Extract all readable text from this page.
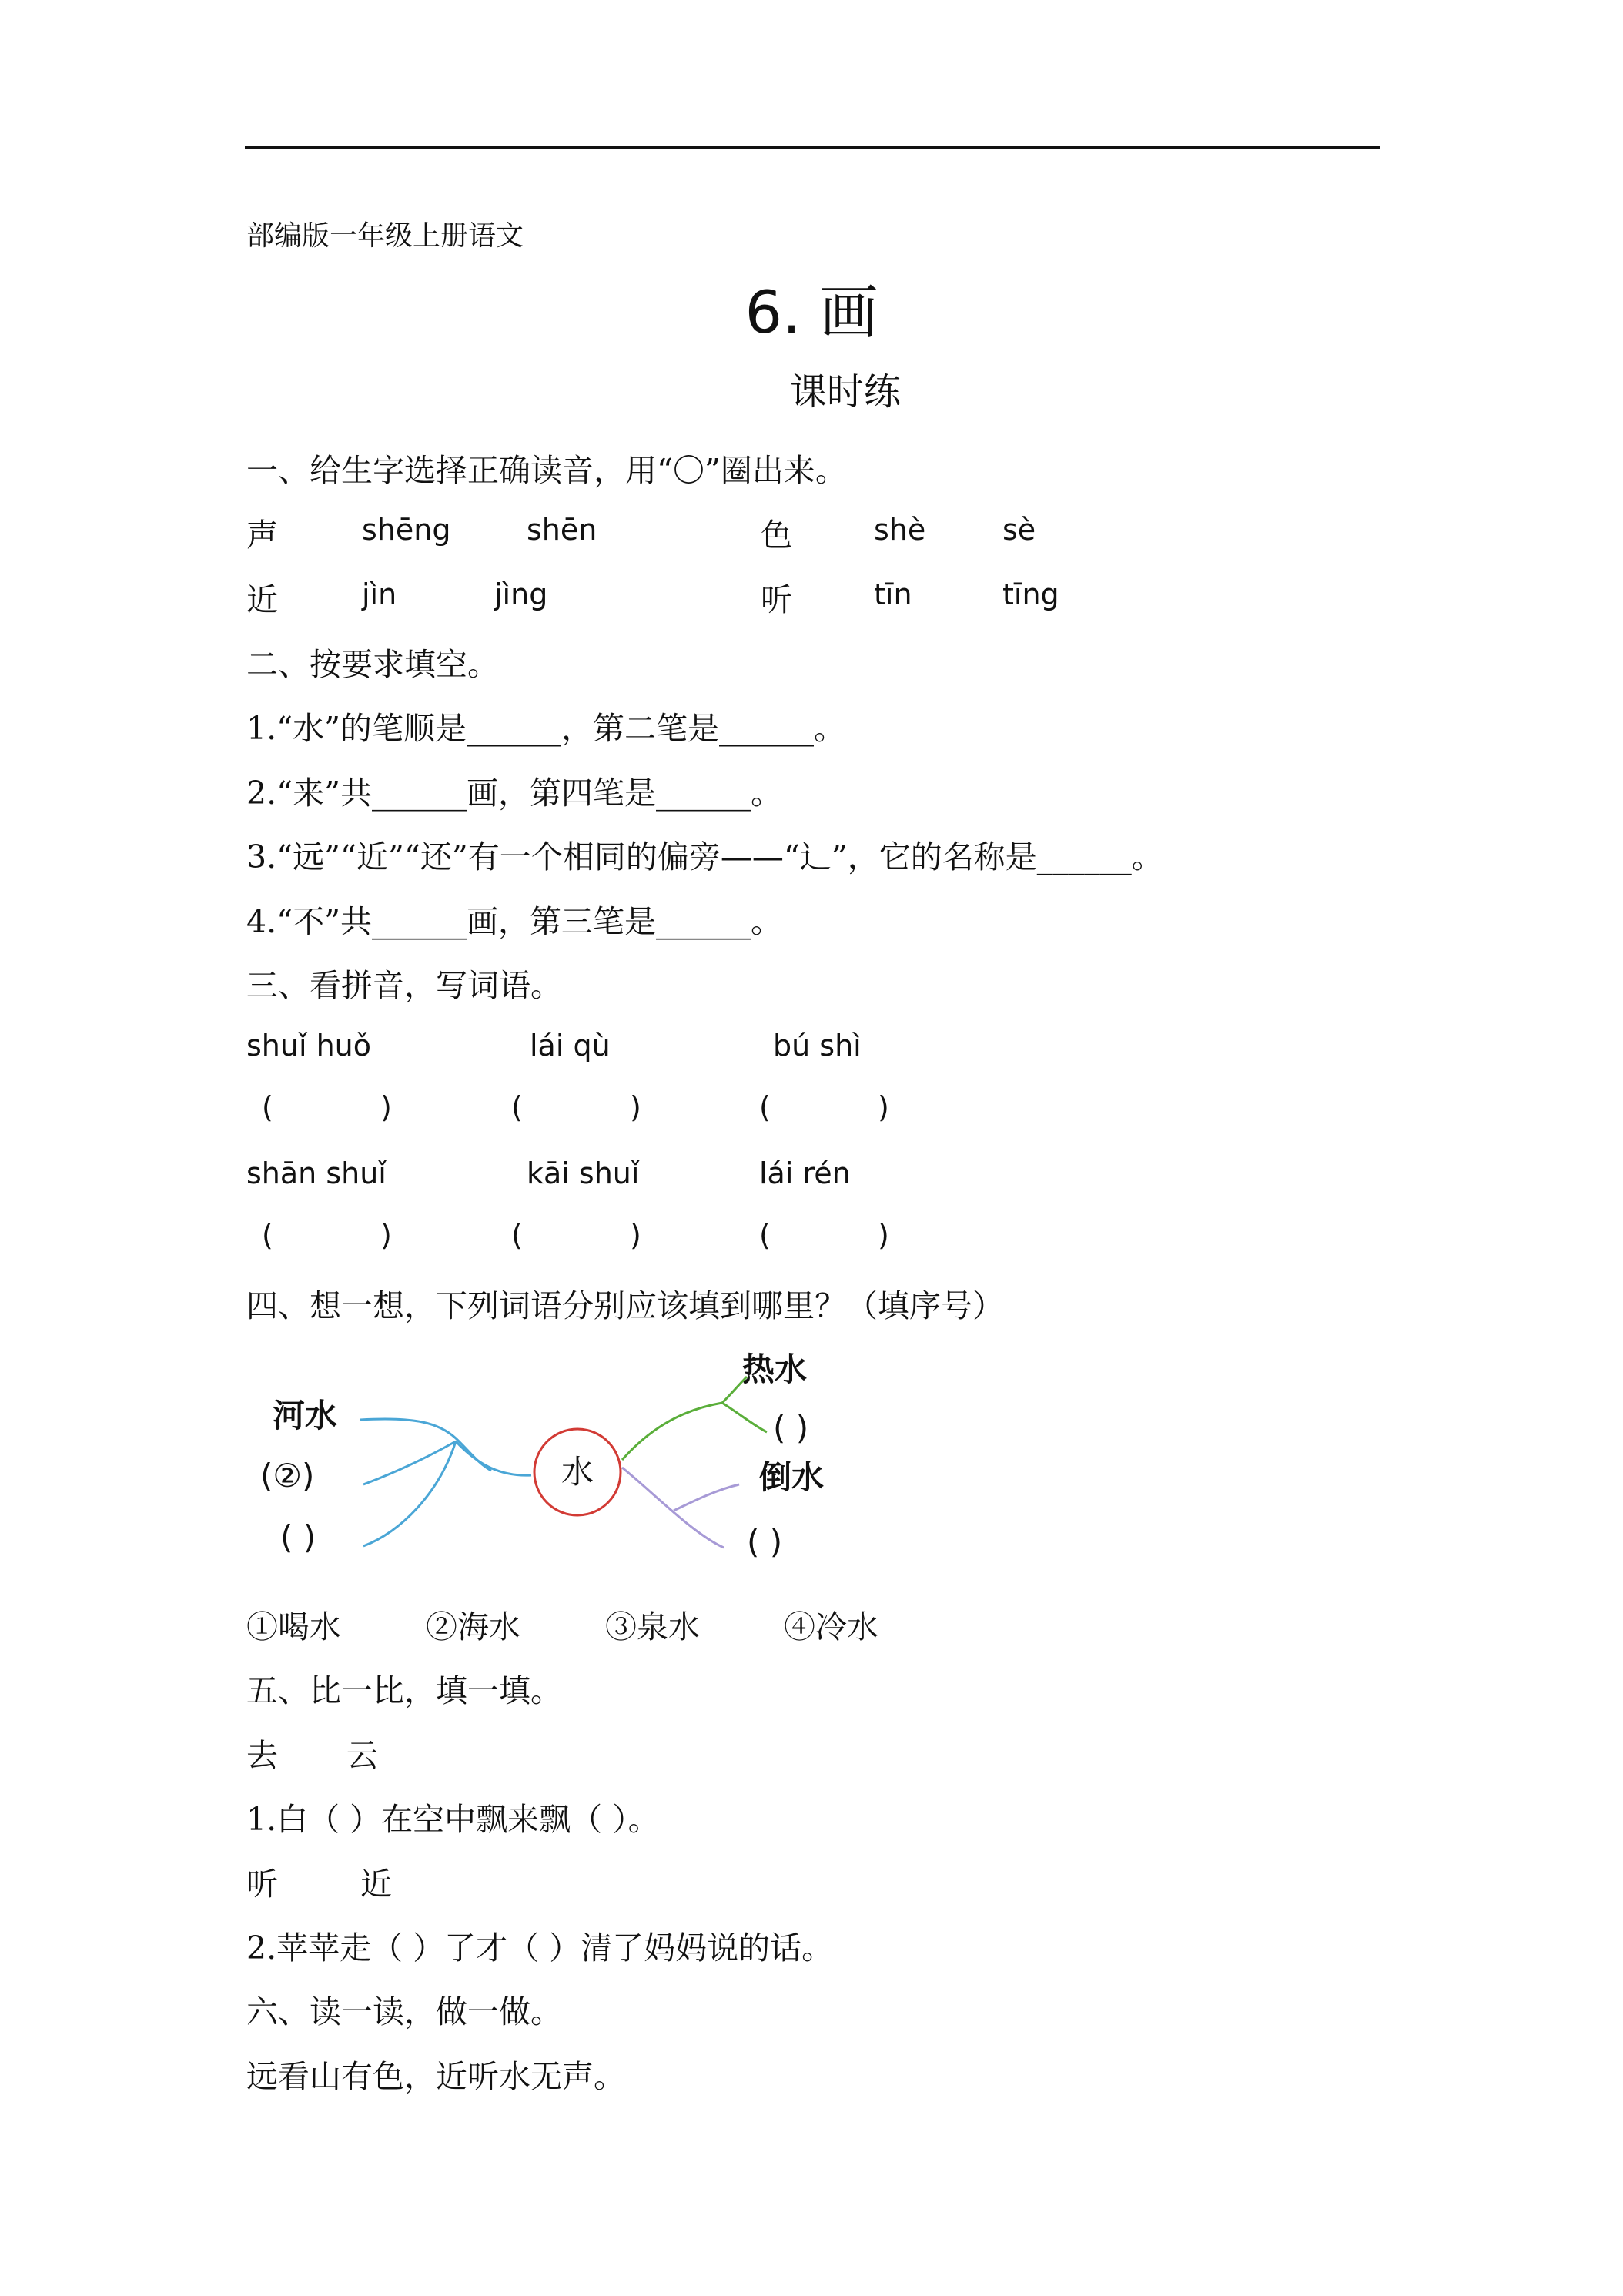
部编版一年级上册语文
6. 画
课时练
一、给生字选择正确读音，用“〇”圈出来。
声	shēng	shēn	色	shè	sè
近	jìn	jìng	听	tīn	tīng
二、按要求填空。
1.“水”的笔顺是______，第二笔是______。
2.“来”共______画，第四笔是______。
3.“远”“近”“还”有一个相同的偏旁——“⻌”，它的名称是______。
4.“不”共______画，第三笔是______。
三、看拼音，写词语。
shuǐ huǒ	lái qù	bú shì
(	)	(	)	(	)
shān shuǐ	kāi shuǐ	lái rén
(	)	(	)	(	)
四、想一想，下列词语分别应该填到哪里？（填序号）
水
河水
(②)
( )
热水
( )
倒水
( )
①喝水	②海水	③泉水	④冷水
五、比一比，填一填。
去 云
1.白（ ）在空中飘来飘（ ）。
听	近
2.苹苹走（ ）了才（ ）清了妈妈说的话。
六、读一读，做一做。
远看山有色，近听水无声。
